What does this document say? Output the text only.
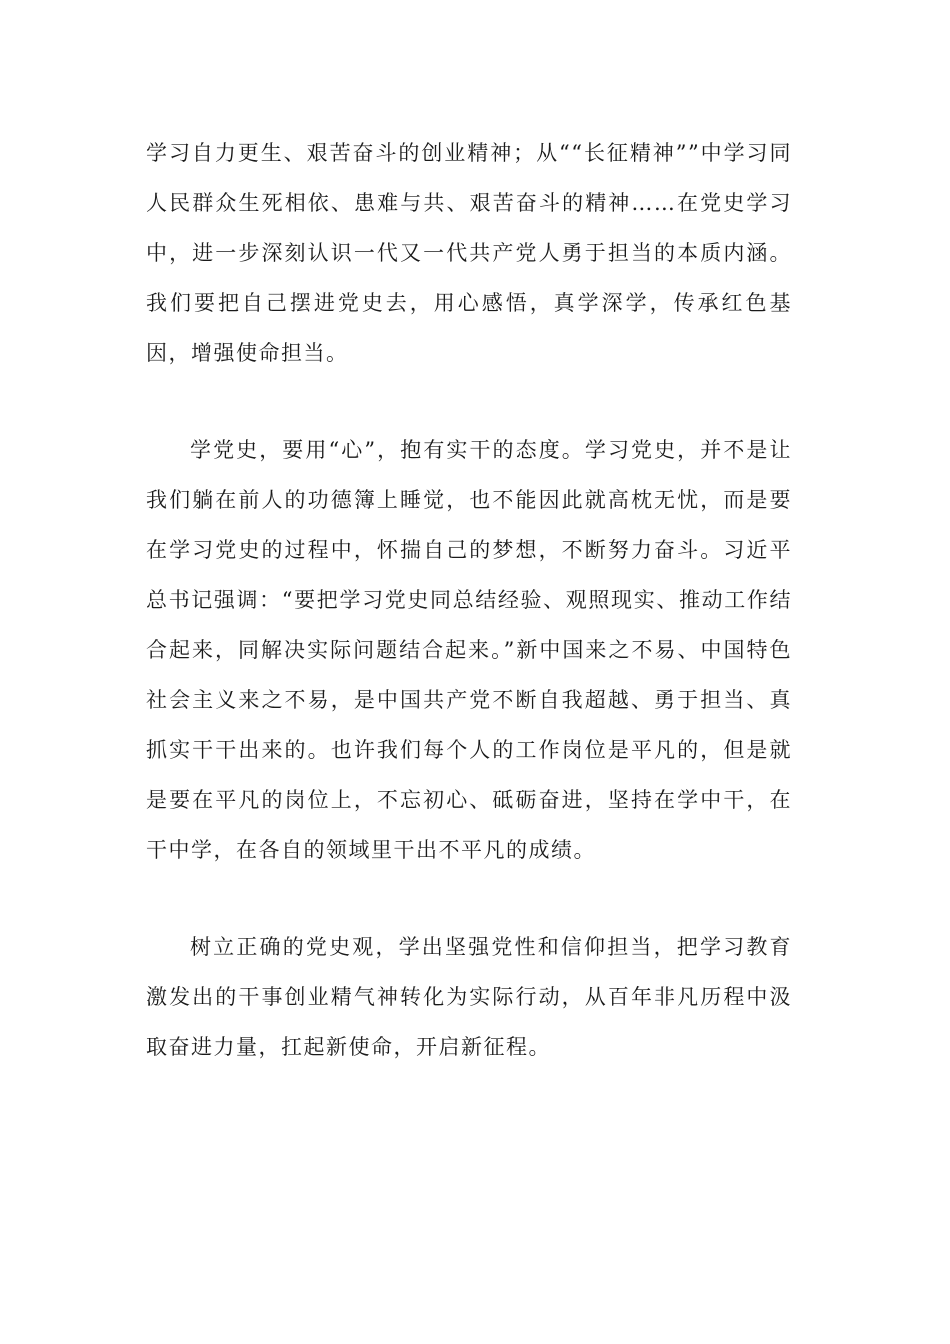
学习自力更生、艰苦奋斗的创业精神；从““长征精神””中学习同人民群众生死相依、患难与共、艰苦奋斗的精神……在党史学习中，进一步深刻认识一代又一代共产党人勇于担当的本质内涵。我们要把自己摆进党史去，用心感悟，真学深学，传承红色基因，增强使命担当。

学党史，要用“心”，抱有实干的态度。学习党史，并不是让我们躺在前人的功德簿上睡觉，也不能因此就高枕无忧，而是要在学习党史的过程中，怀揣自己的梦想，不断努力奋斗。习近平总书记强调：“要把学习党史同总结经验、观照现实、推动工作结合起来，同解决实际问题结合起来。”新中国来之不易、中国特色社会主义来之不易，是中国共产党不断自我超越、勇于担当、真抓实干干出来的。也许我们每个人的工作岗位是平凡的，但是就是要在平凡的岗位上，不忘初心、砥砺奋进，坚持在学中干，在干中学，在各自的领域里干出不平凡的成绩。

树立正确的党史观，学出坚强党性和信仰担当，把学习教育激发出的干事创业精气神转化为实际行动，从百年非凡历程中汲取奋进力量，扛起新使命，开启新征程。
